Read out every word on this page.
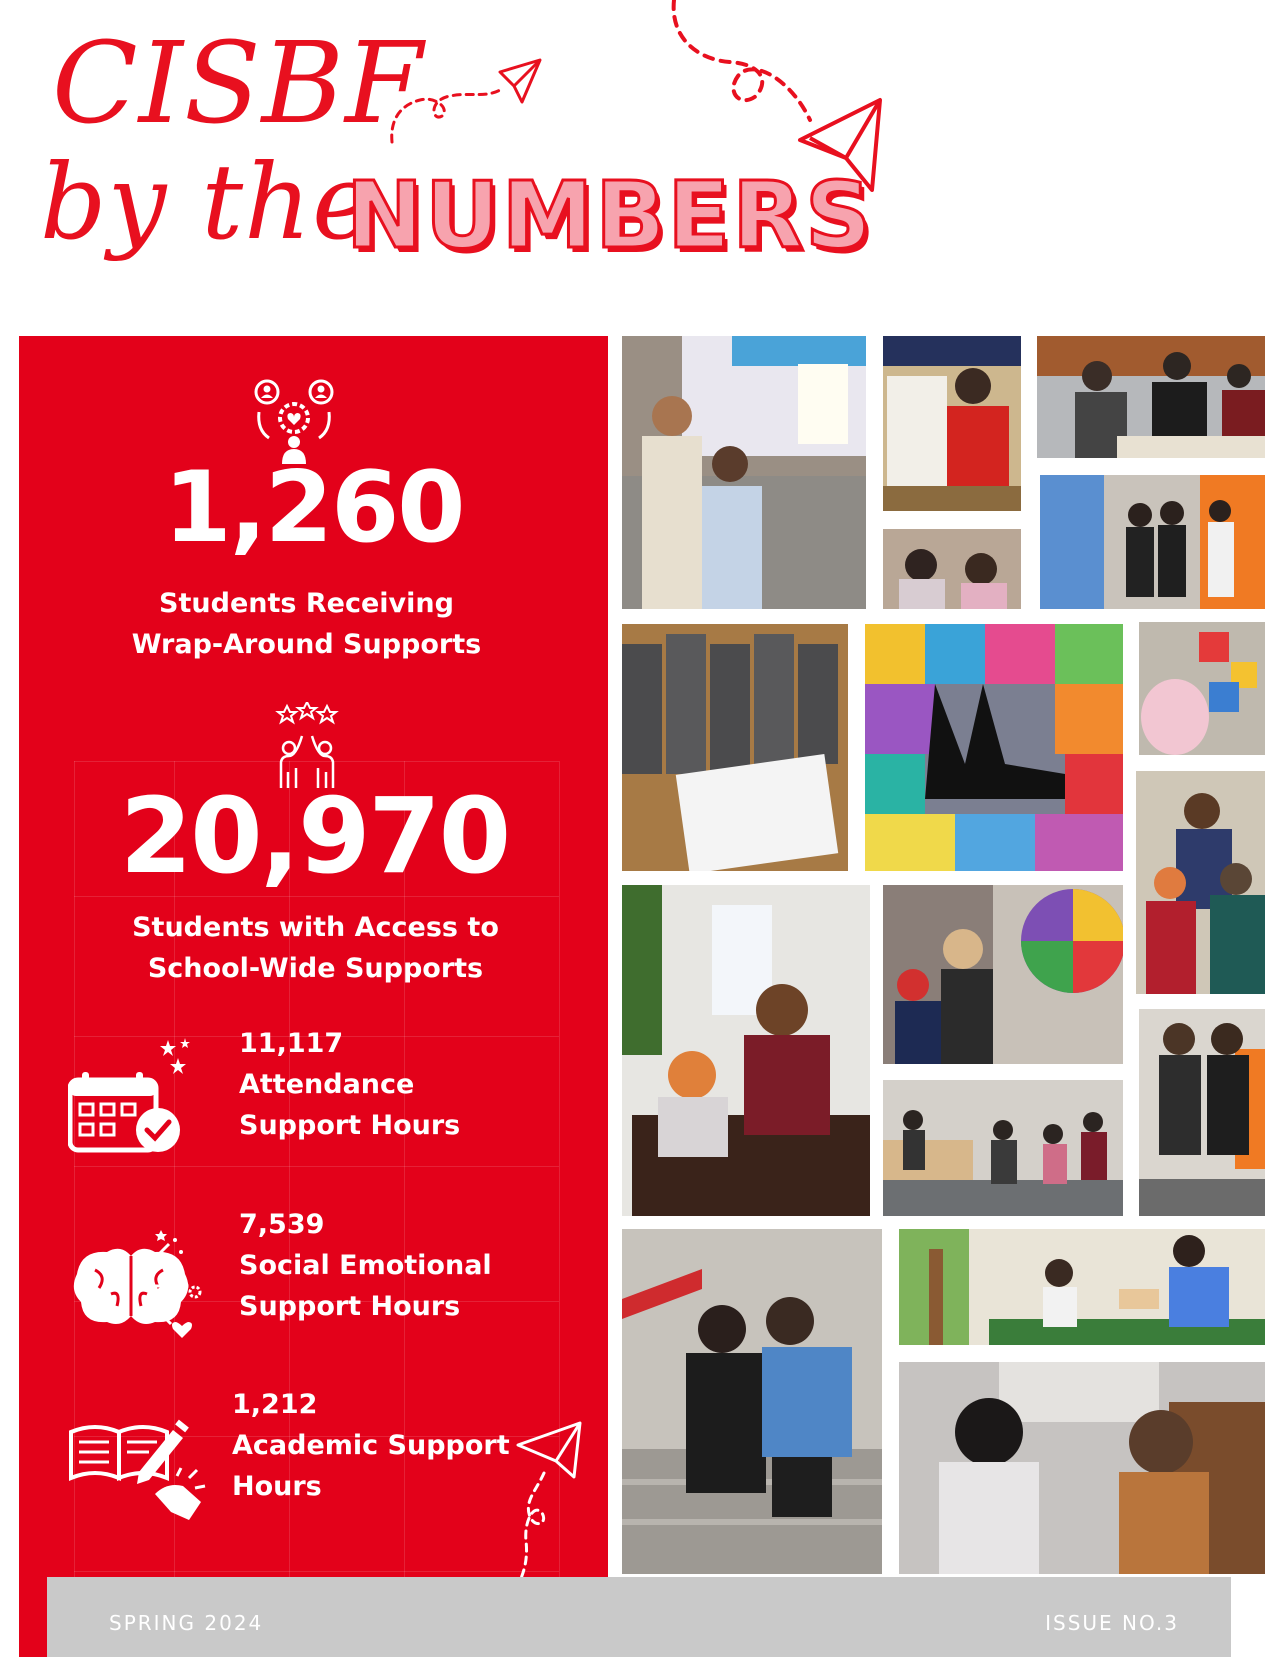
CISBF
by the
NUMBERS
1,260
Students Receiving
Wrap-Around Supports
20,970
Students with Access to
School-Wide Supports
11,117
Attendance
Support Hours
7,539
Social Emotional
Support Hours
1,212
Academic Support
Hours
SPRING 2024	ISSUE NO.3
